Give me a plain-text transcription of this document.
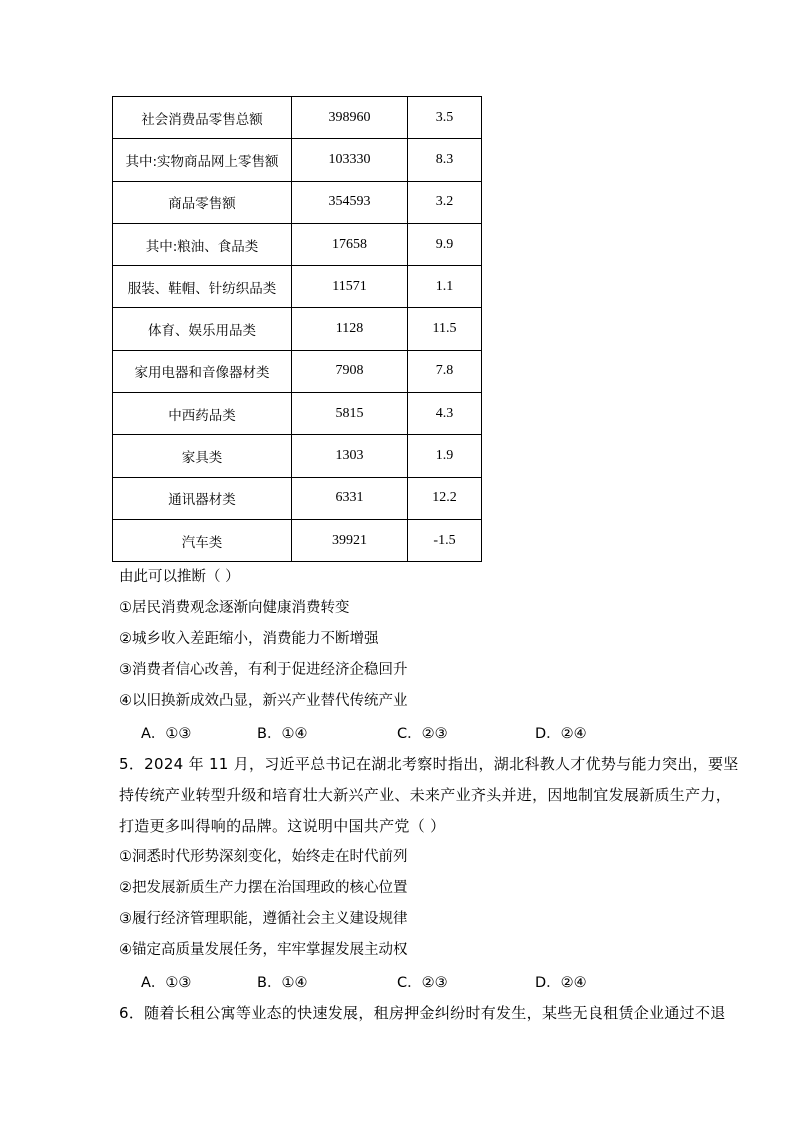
社会消费品零售总额	398960	3.5
其中:实物商品网上零售额	103330	8.3
商品零售额	354593	3.2
其中:粮油、食品类	17658	9.9
服装、鞋帽、针纺织品类	11571	1.1
体育、娱乐用品类	1128	11.5
家用电器和音像器材类	7908	7.8
中西药品类	5815	4.3
家具类	1303	1.9
通讯器材类	6331	12.2
汽车类	39921	-1.5
由此可以推断（ ）
①居民消费观念逐渐向健康消费转变
②城乡收入差距缩小，消费能力不断增强
③消费者信心改善，有利于促进经济企稳回升
④以旧换新成效凸显，新兴产业替代传统产业
A．①③	B．①④	C．②③	D．②④
5．2024 年 11 月，习近平总书记在湖北考察时指出，湖北科教人才优势与能力突出，要坚
持传统产业转型升级和培育壮大新兴产业、未来产业齐头并进，因地制宜发展新质生产力，
打造更多叫得响的品牌。这说明中国共产党（ ）
①洞悉时代形势深刻变化，始终走在时代前列
②把发展新质生产力摆在治国理政的核心位置
③履行经济管理职能，遵循社会主义建设规律
④锚定高质量发展任务，牢牢掌握发展主动权
A．①③	B．①④	C．②③	D．②④
6．随着长租公寓等业态的快速发展，租房押金纠纷时有发生，某些无良租赁企业通过不退
